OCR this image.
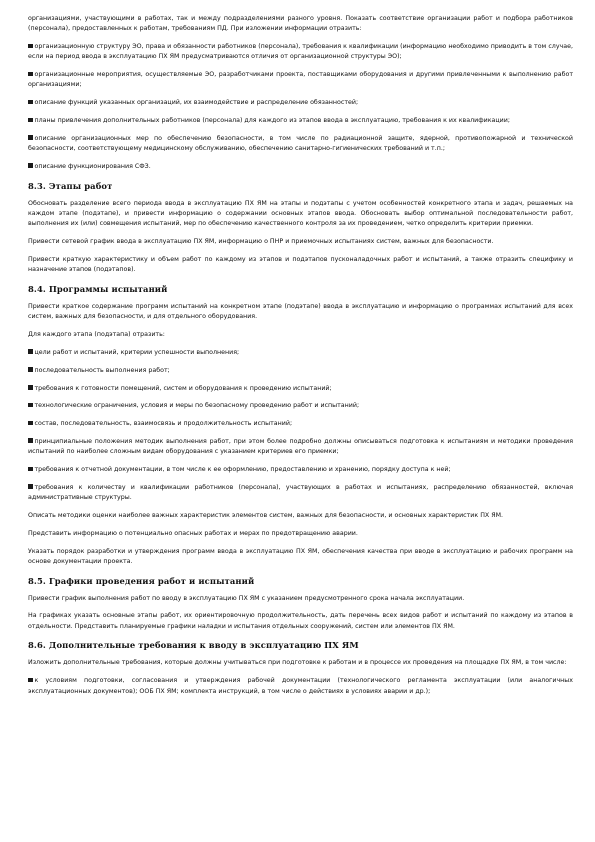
организациями, участвующими в работах, так и между подразделениями разного уровня. Показать соответствие организации работ и подбора работников (персонала), предоставленных к работам, требованиям ПД. При изложении информации отразить:
организационную структуру ЭО, права и обязанности работников (персонала), требования к квалификации (информацию необходимо приводить в том случае, если на период ввода в эксплуатацию ПХ ЯМ предусматриваются отличия от организационной структуры ЭО);
организационные мероприятия, осуществляемые ЭО, разработчиками проекта, поставщиками оборудования и другими привлеченными к выполнению работ организациями;
описание функций указанных организаций, их взаимодействие и распределение обязанностей;
планы привлечения дополнительных работников (персонала) для каждого из этапов ввода в эксплуатацию, требования к их квалификации;
описание организационных мер по обеспечению безопасности, в том числе по радиационной защите, ядерной, противопожарной и технической безопасности, соответствующему медицинскому обслуживанию, обеспечению санитарно-гигиенических требований и т.п.;
описание функционирования СФЗ.
8.3. Этапы работ
Обосновать разделение всего периода ввода в эксплуатацию ПХ ЯМ на этапы и подэтапы с учетом особенностей конкретного этапа и задач, решаемых на каждом этапе (подэтапе), и привести информацию о содержании основных этапов ввода. Обосновать выбор оптимальной последовательности работ, выполнения их (или) совмещения испытаний, мер по обеспечению качественного контроля за их проведением, четко определить критерии приемки.
Привести сетевой график ввода в эксплуатацию ПХ ЯМ, информацию о ПНР и приемочных испытаниях систем, важных для безопасности.
Привести краткую характеристику и объем работ по каждому из этапов и подэтапов пусконаладочных работ и испытаний, а также отразить специфику и назначение этапов (подэтапов).
8.4. Программы испытаний
Привести краткое содержание программ испытаний на конкретном этапе (подэтапе) ввода в эксплуатацию и информацию о программах испытаний для всех систем, важных для безопасности, и для отдельного оборудования.
Для каждого этапа (подэтапа) отразить:
цели работ и испытаний, критерии успешности выполнения;
последовательность выполнения работ;
требования к готовности помещений, систем и оборудования к проведению испытаний;
технологические ограничения, условия и меры по безопасному проведению работ и испытаний;
состав, последовательность, взаимосвязь и продолжительность испытаний;
принципиальные положения методик выполнения работ, при этом более подробно должны описываться подготовка к испытаниям и методики проведения испытаний по наиболее сложным видам оборудования с указанием критериев его приемки;
требования к отчетной документации, в том числе к ее оформлению, предоставлению и хранению, порядку доступа к ней;
требования к количеству и квалификации работников (персонала), участвующих в работах и испытаниях, распределению обязанностей, включая административные структуры.
Описать методики оценки наиболее важных характеристик элементов систем, важных для безопасности, и основных характеристик ПХ ЯМ.
Представить информацию о потенциально опасных работах и мерах по предотвращению аварии.
Указать порядок разработки и утверждения программ ввода в эксплуатацию ПХ ЯМ, обеспечения качества при вводе в эксплуатацию и рабочих программ на основе документации проекта.
8.5. Графики проведения работ и испытаний
Привести график выполнения работ по вводу в эксплуатацию ПХ ЯМ с указанием предусмотренного срока начала эксплуатации.
На графиках указать основные этапы работ, их ориентировочную продолжительность, дать перечень всех видов работ и испытаний по каждому из этапов в отдельности. Представить планируемые графики наладки и испытания отдельных сооружений, систем или элементов ПХ ЯМ.
8.6. Дополнительные требования к вводу в эксплуатацию ПХ ЯМ
Изложить дополнительные требования, которые должны учитываться при подготовке к работам и в процессе их проведения на площадке ПХ ЯМ, в том числе:
к условиям подготовки, согласования и утверждения рабочей документации (технологического регламента эксплуатации (или аналогичных эксплуатационных документов); ООБ ПХ ЯМ; комплекта инструкций, в том числе о действиях в условиях аварии и др.);
